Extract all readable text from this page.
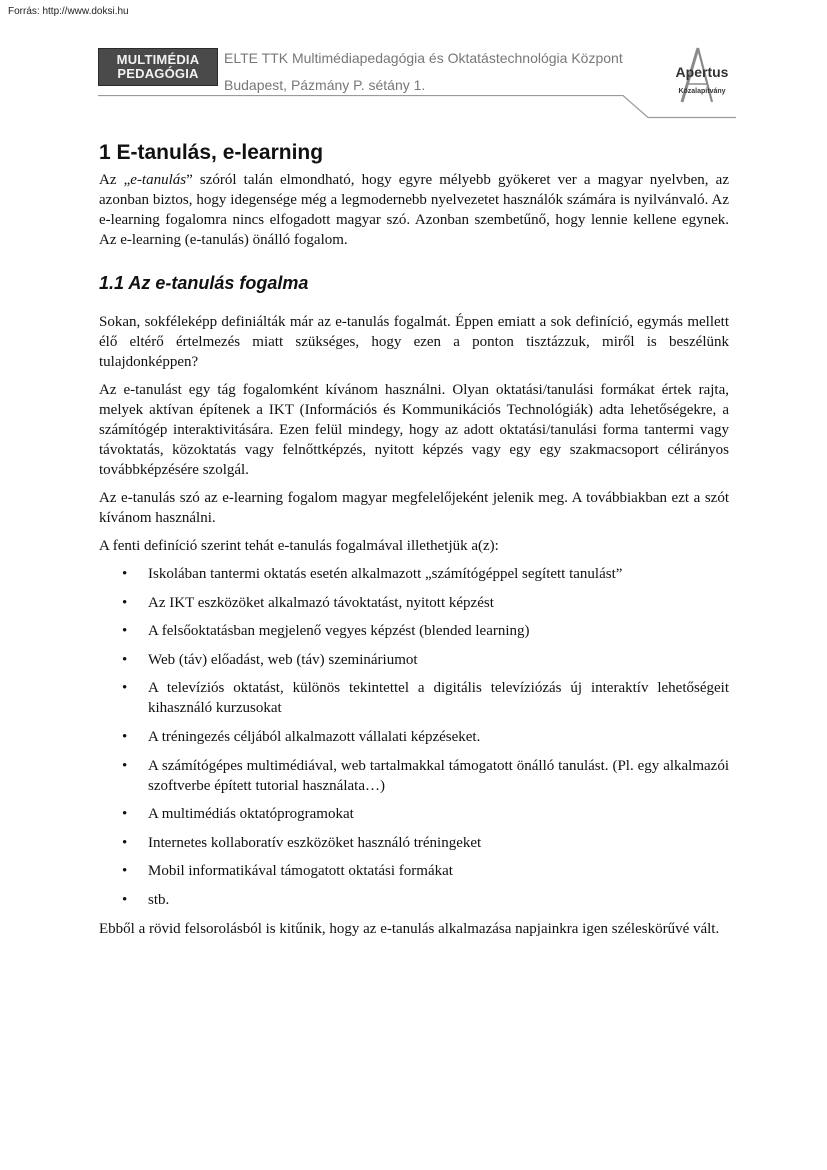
Forrás: http://www.doksi.hu
MULTIMÉDIA
PEDAGÓGIA
ELTE TTK Multimédiapedagógia és Oktatástechnológia Központ
Budapest, Pázmány P. sétány 1.
Apertus
Közalapítvány
1 E-tanulás, e-learning

Az „e-tanulás” szóról talán elmondható, hogy egyre mélyebb gyökeret ver a magyar nyelvben, az azonban biztos, hogy idegensége még a legmodernebb nyelvezetet használók számára is nyilvánvaló. Az e-learning fogalomra nincs elfogadott magyar szó. Azonban szembetűnő, hogy lennie kellene egynek. Az e-learning (e-tanulás) önálló fogalom.

1.1 Az e-tanulás fogalma

Sokan, sokféleképp definiálták már az e-tanulás fogalmát. Éppen emiatt a sok definíció, egymás mellett élő eltérő értelmezés miatt szükséges, hogy ezen a ponton tisztázzuk, miről is beszélünk tulajdonképpen?

Az e-tanulást egy tág fogalomként kívánom használni. Olyan oktatási/tanulási formákat értek rajta, melyek aktívan építenek a IKT (Információs és Kommunikációs Technológiák) adta lehetőségekre, a számítógép interaktivitására. Ezen felül mindegy, hogy az adott oktatási/tanulási forma tantermi vagy távoktatás, közoktatás vagy felnőttképzés, nyitott képzés vagy egy egy szakmacsoport célirányos továbbképzésére szolgál.

Az e-tanulás szó az e-learning fogalom magyar megfelelőjeként jelenik meg. A továbbiakban ezt a szót kívánom használni.

A fenti definíció szerint tehát e-tanulás fogalmával illethetjük a(z):

• Iskolában tantermi oktatás esetén alkalmazott „számítógéppel segített tanulást”
• Az IKT eszközöket alkalmazó távoktatást, nyitott képzést
• A felsőoktatásban megjelenő vegyes képzést (blended learning)
• Web (táv) előadást, web (táv) szemináriumot
• A televíziós oktatást, különös tekintettel a digitális televíziózás új interaktív lehetőségeit kihasználó kurzusokat
• A tréningezés céljából alkalmazott vállalati képzéseket.
• A számítógépes multimédiával, web tartalmakkal támogatott önálló tanulást. (Pl. egy alkalmazói szoftverbe épített tutorial használata…)
• A multimédiás oktatóprogramokat
• Internetes kollaboratív eszközöket használó tréningeket
• Mobil informatikával támogatott oktatási formákat
• stb.

Ebből a rövid felsorolásból is kitűnik, hogy az e-tanulás alkalmazása napjainkra igen széleskörűvé vált.
